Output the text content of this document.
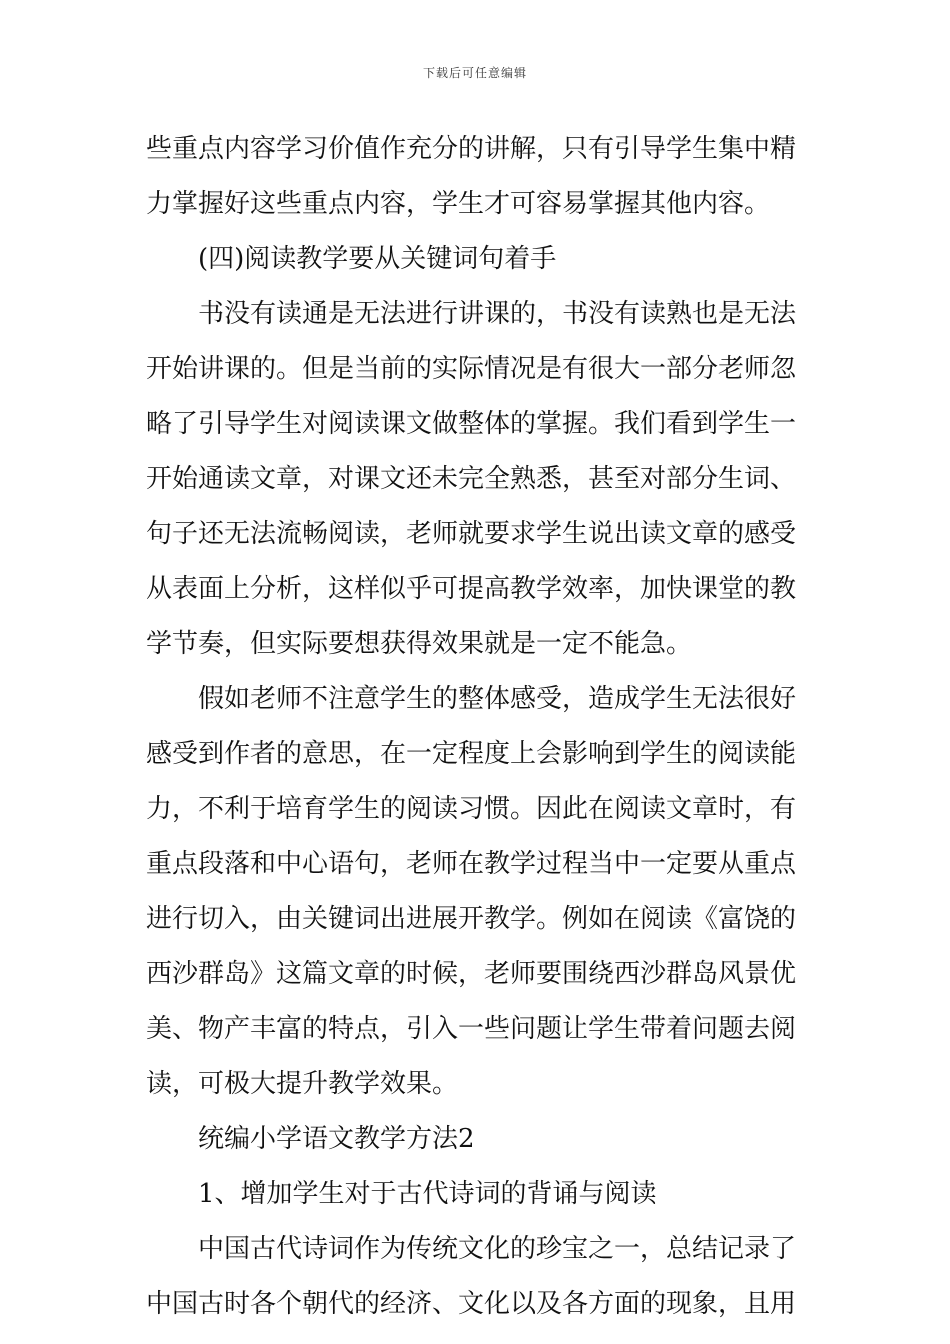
下载后可任意编辑
些重点内容学习价值作充分的讲解，只有引导学生集中精
力掌握好这些重点内容，学生才可容易掌握其他内容。
(四)阅读教学要从关键词句着手
书没有读通是无法进行讲课的，书没有读熟也是无法
开始讲课的。但是当前的实际情况是有很大一部分老师忽
略了引导学生对阅读课文做整体的掌握。我们看到学生一
开始通读文章，对课文还未完全熟悉，甚至对部分生词、
句子还无法流畅阅读，老师就要求学生说出读文章的感受
从表面上分析，这样似乎可提高教学效率，加快课堂的教
学节奏，但实际要想获得效果就是一定不能急。
假如老师不注意学生的整体感受，造成学生无法很好
感受到作者的意思，在一定程度上会影响到学生的阅读能
力，不利于培育学生的阅读习惯。因此在阅读文章时，有
重点段落和中心语句，老师在教学过程当中一定要从重点
进行切入，由关键词出进展开教学。例如在阅读《富饶的
西沙群岛》这篇文章的时候，老师要围绕西沙群岛风景优
美、物产丰富的特点，引入一些问题让学生带着问题去阅
读，可极大提升教学效果。
统编小学语文教学方法2
1、增加学生对于古代诗词的背诵与阅读
中国古代诗词作为传统文化的珍宝之一，总结记录了
中国古时各个朝代的经济、文化以及各方面的现象，且用
